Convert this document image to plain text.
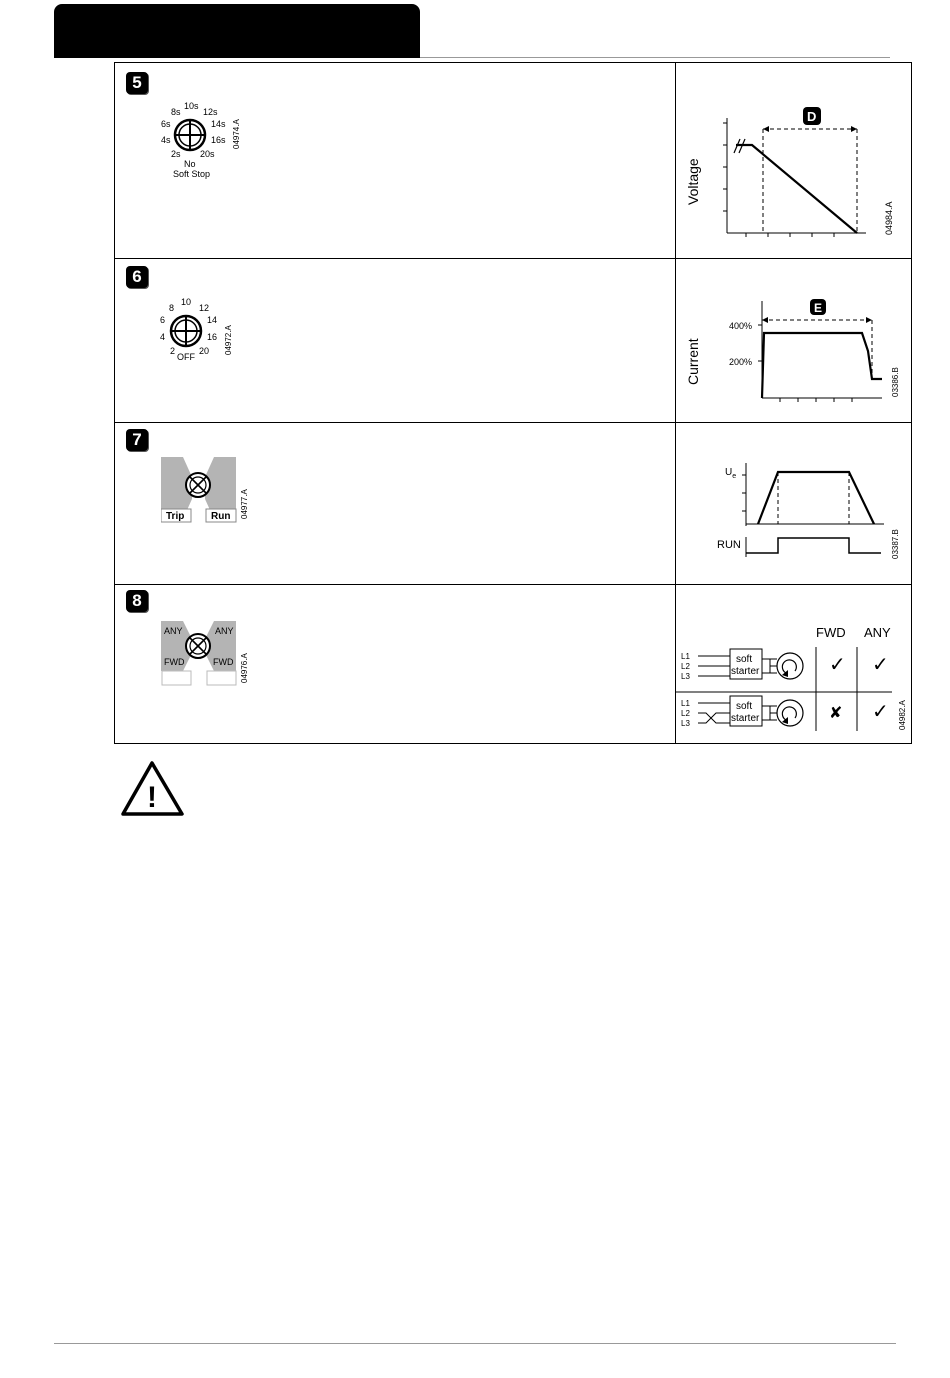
5
2s
4s
6s
8s
10s
12s
14s
16s
20s
No
Soft Stop
04974.A
Voltage
D
04984.A
6
2
4
6
8
10
12
14
16
20
OFF
04972.A	Current
400%
200%
E
03386.B
7
Trip	Run 04977.A
$U_e$
RUN	03387.B
8
ANY	ANY
FWD	FWD 04976.A
FWD ANY
L1
L2
L3
soft
starter	✓ ✓
L1
L2
L3
soft
starter	✘ ✓ 04982.A
!
